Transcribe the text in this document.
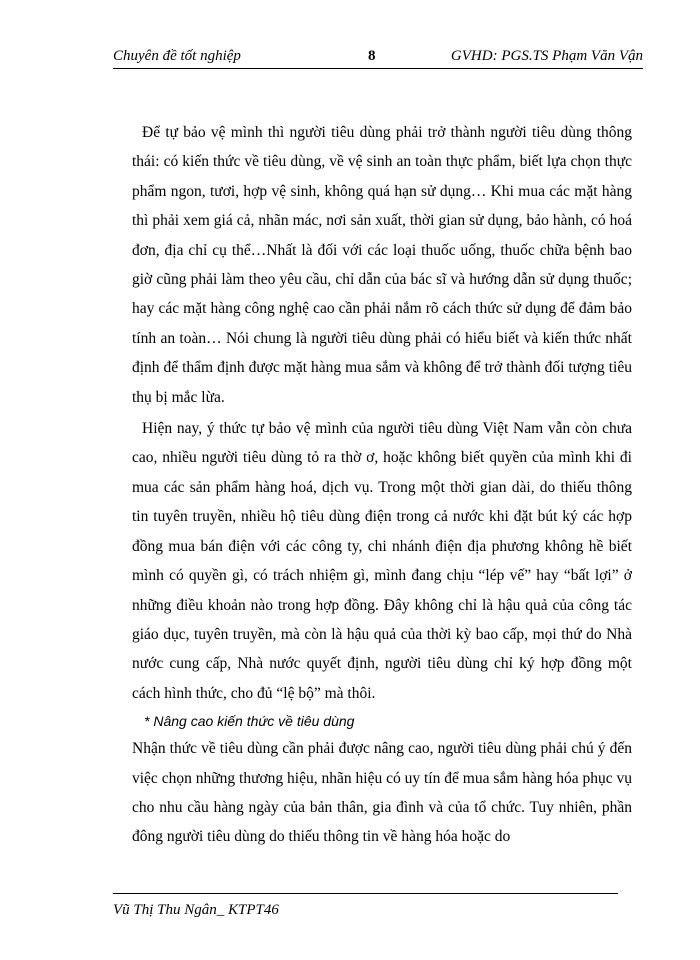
Chuyên đề tốt nghiệp	8	GVHD: PGS.TS Phạm Văn Vận

Để tự bảo vệ mình thì người tiêu dùng phải trở thành người tiêu dùng thông thái: có kiến thức về tiêu dùng, về vệ sinh an toàn thực phẩm, biết lựa chọn thực phẩm ngon, tươi, hợp vệ sinh, không quá hạn sử dụng… Khi mua các mặt hàng thì phải xem giá cả, nhãn mác, nơi sản xuất, thời gian sử dụng, bảo hành, có hoá đơn, địa chỉ cụ thể…Nhất là đối với các loại thuốc uống, thuốc chữa bệnh bao giờ cũng phải làm theo yêu cầu, chỉ dẫn của bác sĩ và hướng dẫn sử dụng thuốc; hay các mặt hàng công nghệ cao cần phải nắm rõ cách thức sử dụng để đảm bảo tính an toàn… Nói chung là người tiêu dùng phải có hiểu biết và kiến thức nhất định để thẩm định được mặt hàng mua sắm và không để trở thành đối tượng tiêu thụ bị mắc lừa.

Hiện nay, ý thức tự bảo vệ mình của người tiêu dùng Việt Nam vẫn còn chưa cao, nhiều người tiêu dùng tỏ ra thờ ơ, hoặc không biết quyền của mình khi đi mua các sản phẩm hàng hoá, dịch vụ. Trong một thời gian dài, do thiếu thông tin tuyên truyền, nhiều hộ tiêu dùng điện trong cả nước khi đặt bút ký các hợp đồng mua bán điện với các công ty, chi nhánh điện địa phương không hề biết mình có quyền gì, có trách nhiệm gì, mình đang chịu “lép vế” hay “bất lợi” ở những điều khoản nào trong hợp đồng. Đây không chỉ là hậu quả của công tác giáo dục, tuyên truyền, mà còn là hậu quả của thời kỳ bao cấp, mọi thứ do Nhà nước cung cấp, Nhà nước quyết định, người tiêu dùng chỉ ký hợp đồng một cách hình thức, cho đủ “lệ bộ” mà thôi.

* Nâng cao kiến thức về tiêu dùng

Nhận thức về tiêu dùng cần phải được nâng cao, người tiêu dùng phải chú ý đến việc chọn những thương hiệu, nhãn hiệu có uy tín để mua sắm hàng hóa phục vụ cho nhu cầu hàng ngày của bản thân, gia đình và của tổ chức. Tuy nhiên, phần đông người tiêu dùng do thiếu thông tin về hàng hóa hoặc do

Vũ Thị Thu Ngân_ KTPT46
